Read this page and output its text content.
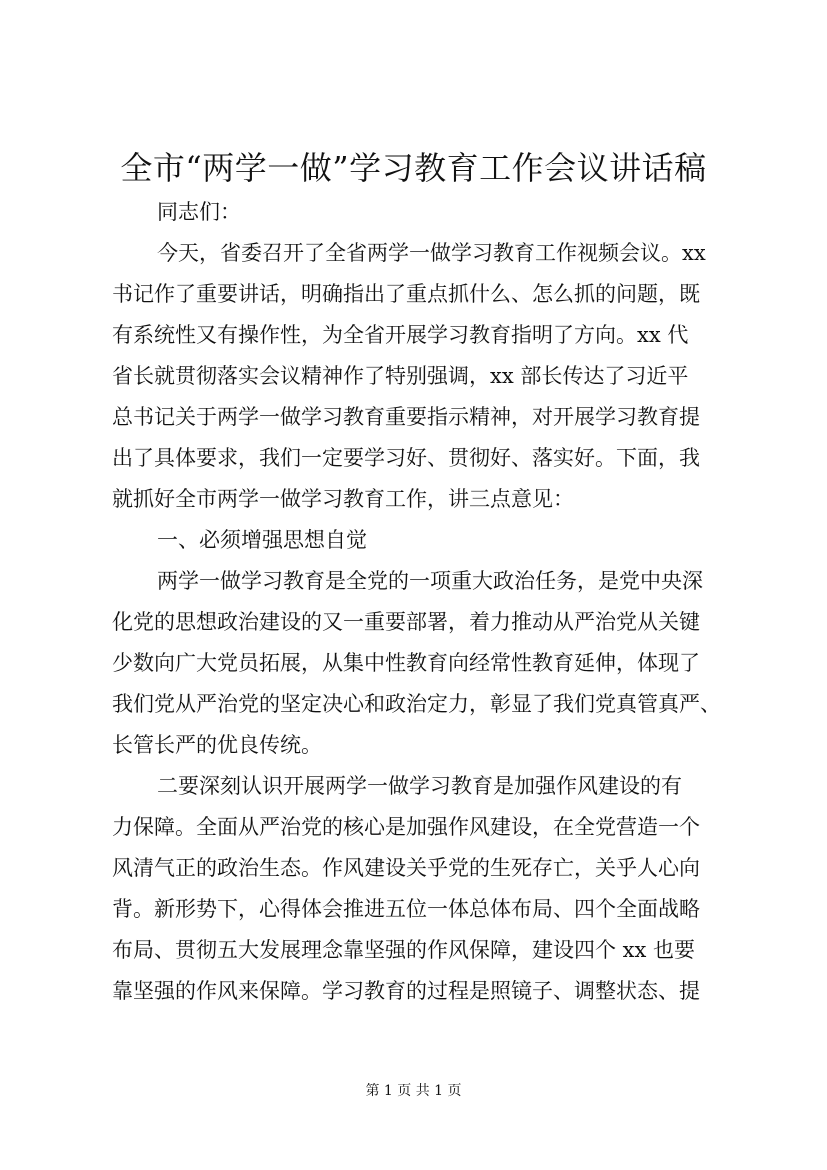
全市“两学一做”学习教育工作会议讲话稿
同志们：
今天，省委召开了全省两学一做学习教育工作视频会议。xx
书记作了重要讲话，明确指出了重点抓什么、怎么抓的问题，既
有系统性又有操作性，为全省开展学习教育指明了方向。xx 代
省长就贯彻落实会议精神作了特别强调，xx 部长传达了习近平
总书记关于两学一做学习教育重要指示精神，对开展学习教育提
出了具体要求，我们一定要学习好、贯彻好、落实好。下面，我
就抓好全市两学一做学习教育工作，讲三点意见：
一、必须增强思想自觉
两学一做学习教育是全党的一项重大政治任务，是党中央深
化党的思想政治建设的又一重要部署，着力推动从严治党从关键
少数向广大党员拓展，从集中性教育向经常性教育延伸，体现了
我们党从严治党的坚定决心和政治定力，彰显了我们党真管真严、
长管长严的优良传统。
二要深刻认识开展两学一做学习教育是加强作风建设的有
力保障。全面从严治党的核心是加强作风建设，在全党营造一个
风清气正的政治生态。作风建设关乎党的生死存亡，关乎人心向
背。新形势下，心得体会推进五位一体总体布局、四个全面战略
布局、贯彻五大发展理念靠坚强的作风保障，建设四个 xx 也要
靠坚强的作风来保障。学习教育的过程是照镜子、调整状态、提
第 1 页 共 1 页
